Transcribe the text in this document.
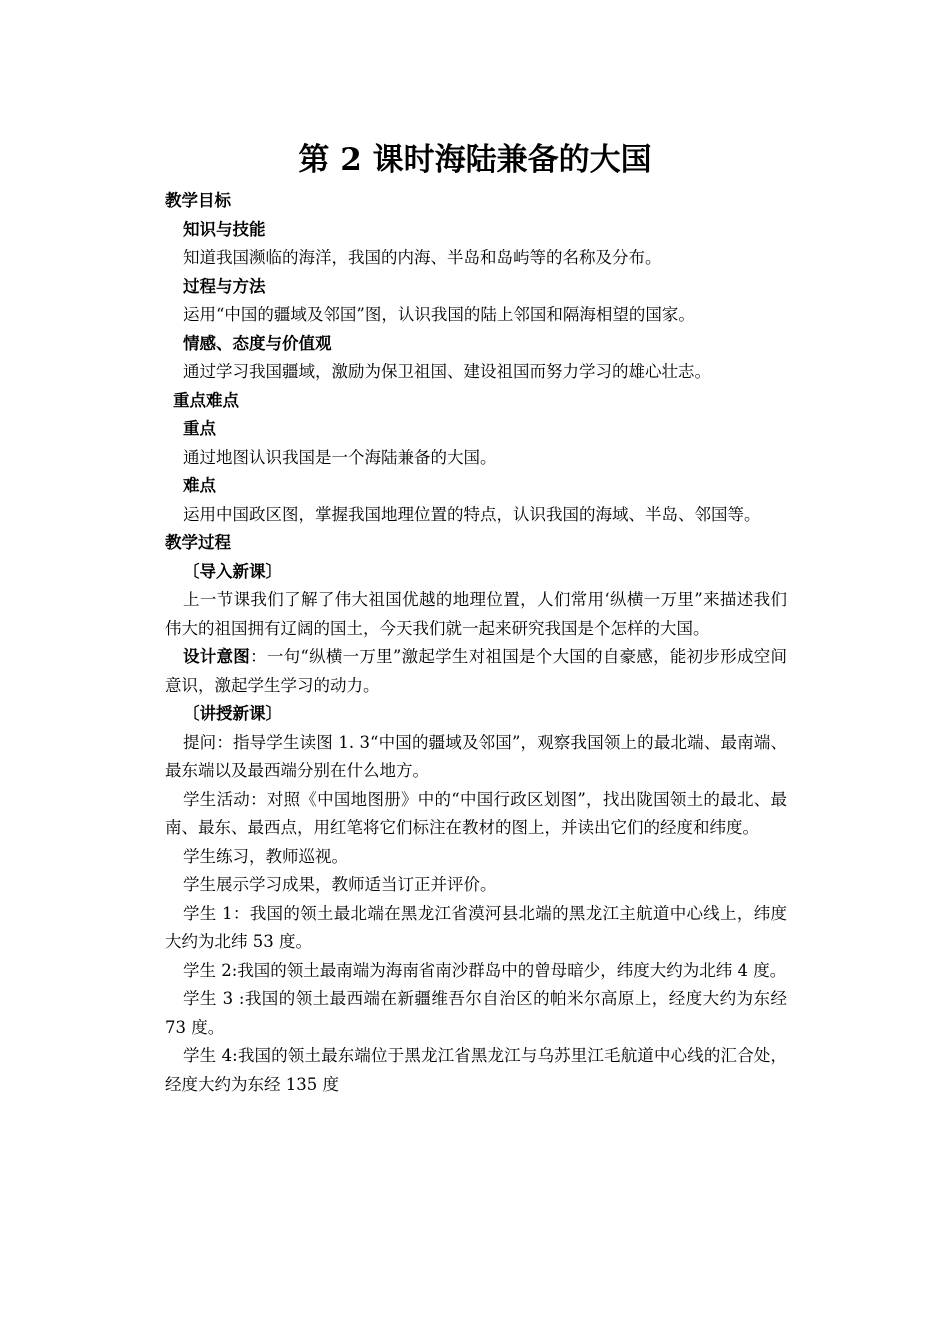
第 2 课时海陆兼备的大国

教学目标

知识与技能

知道我国濒临的海洋，我国的内海、半岛和岛屿等的名称及分布。

过程与方法

运用“中国的疆域及邻国”图，认识我国的陆上邻国和隔海相望的国家。

情感、态度与价值观

通过学习我国疆域，激励为保卫祖国、建设祖国而努力学习的雄心壮志。

重点难点

重点

通过地图认识我国是一个海陆兼备的大国。

难点

运用中国政区图，掌握我国地理位置的特点，认识我国的海域、半岛、邻国等。

教学过程

〔导入新课〕

上一节课我们了解了伟大祖国优越的地理位置，人们常用‘纵横一万里”来描述我们伟大的祖国拥有辽阔的国土，今天我们就一起来研究我国是个怎样的大国。

设计意图：一句“纵横一万里”激起学生对祖国是个大国的自豪感，能初步形成空间意识，激起学生学习的动力。

〔讲授新课〕

提问：指导学生读图 1. 3“中国的疆域及邻国”，观察我国领上的最北端、最南端、最东端以及最西端分别在什么地方。

学生活动：对照《中国地图册》中的“中国行政区划图”，找出陇国领土的最北、最南、最东、最西点，用红笔将它们标注在教材的图上，并读出它们的经度和纬度。

学生练习，教师巡视。

学生展示学习成果，教师适当订正并评价。

学生 1：我国的领土最北端在黑龙江省漠河县北端的黑龙江主航道中心线上，纬度大约为北纬 53 度。

学生 2:我国的领土最南端为海南省南沙群岛中的曾母暗少，纬度大约为北纬 4 度。

学生 3 :我国的领土最西端在新疆维吾尔自治区的帕米尔高原上，经度大约为东经 73 度。

学生 4:我国的领土最东端位于黑龙江省黑龙江与乌苏里江毛航道中心线的汇合处，经度大约为东经 135 度
